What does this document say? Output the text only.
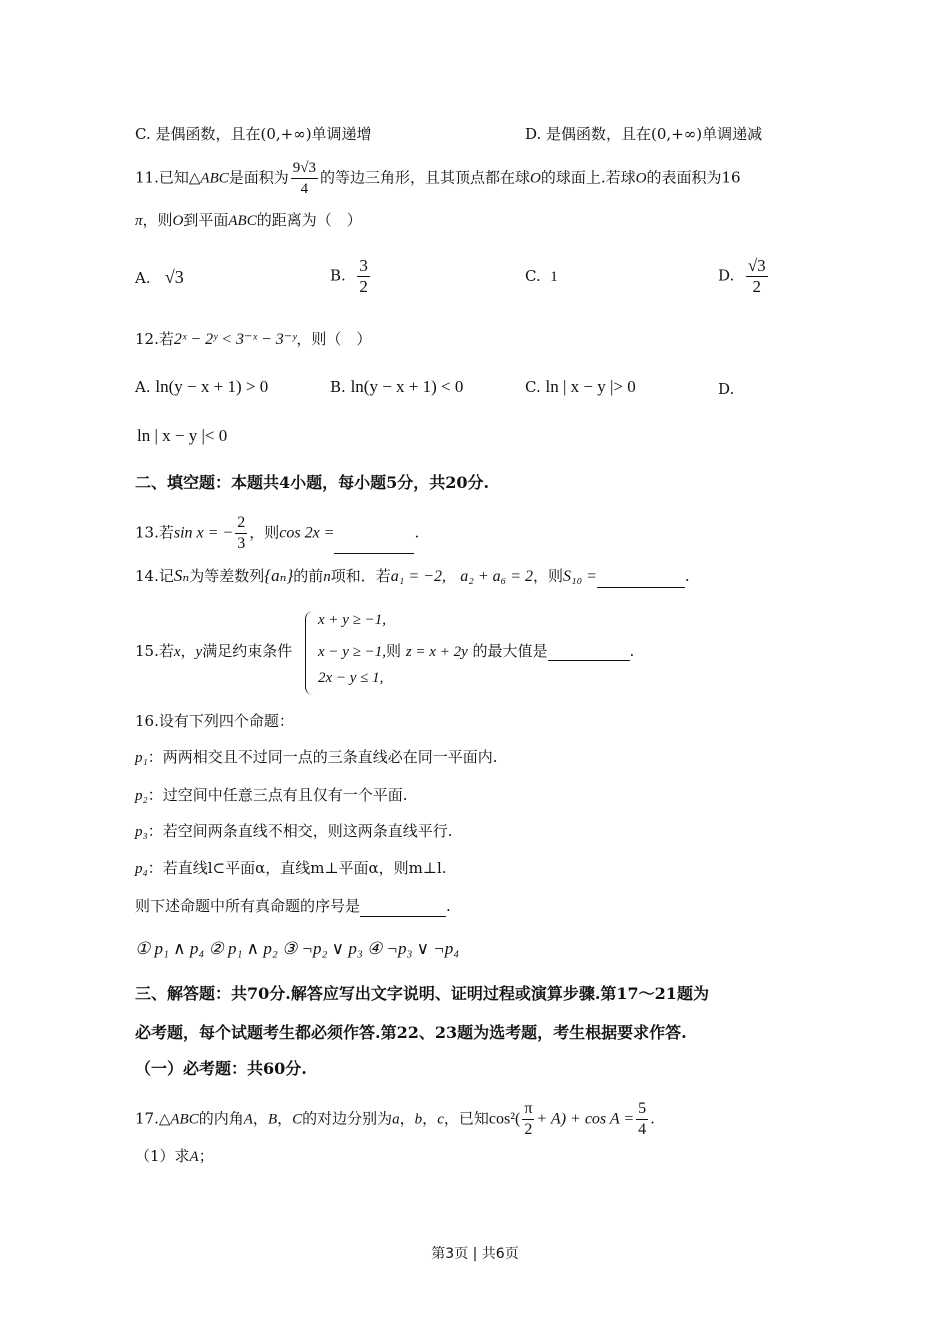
C. 是偶函数，且在(0,+∞)单调递增	D. 是偶函数，且在(0,+∞)单调递减
11.已知△ABC是面积为 $\frac{9√3}{4}$ 的等边三角形，且其顶点都在球O的球面上.若球O的表面积为16
π，则O到平面ABC的距离为（　）
A. √3	B. $\frac{3}{2}$	C. 1	D. $\frac{√3}{2}$
12.若2ˣ − 2ʸ < 3⁻ˣ − 3⁻ʸ，则（　）
A. ln(y − x + 1) > 0	B. ln(y − x + 1) < 0	C. ln | x − y |> 0	D.
ln | x − y |< 0
二、填空题：本题共4小题，每小题5分，共20分.
13.若sin x = − $\frac{2}{3}$ ，则cos 2x =	.
14.记Sₙ为等差数列{aₙ}的前n项和．若a₁ = −2, a₂ + a₆ = 2，则S₁₀ =	.
15.若x，y满足约束条件
x + y ≥ −1,
x − y ≥ −1,则 z = x + 2y 的最大值是	.
2x − y ≤ 1,
16.设有下列四个命题：
p₁：两两相交且不过同一点的三条直线必在同一平面内.
p₂：过空间中任意三点有且仅有一个平面.
p₃：若空间两条直线不相交，则这两条直线平行.
p₄：若直线l⊂平面α，直线m⊥平面α，则m⊥l.
则下述命题中所有真命题的序号是	.
① p₁ ∧ p₄ ② p₁ ∧ p₂ ③ ¬p₂ ∨ p₃ ④ ¬p₃ ∨ ¬p₄
三、解答题：共70分.解答应写出文字说明、证明过程或演算步骤.第17～21题为
必考题，每个试题考生都必须作答.第22、23题为选考题，考生根据要求作答.
（一）必考题：共60分.
17.△ABC的内角A，B，C的对边分别为a，b，c，已知$\cos^2( \frac{\pi}{2} + A) + \cos A = \frac{5}{4}$ .
（1）求A；
第3页 | 共6页
